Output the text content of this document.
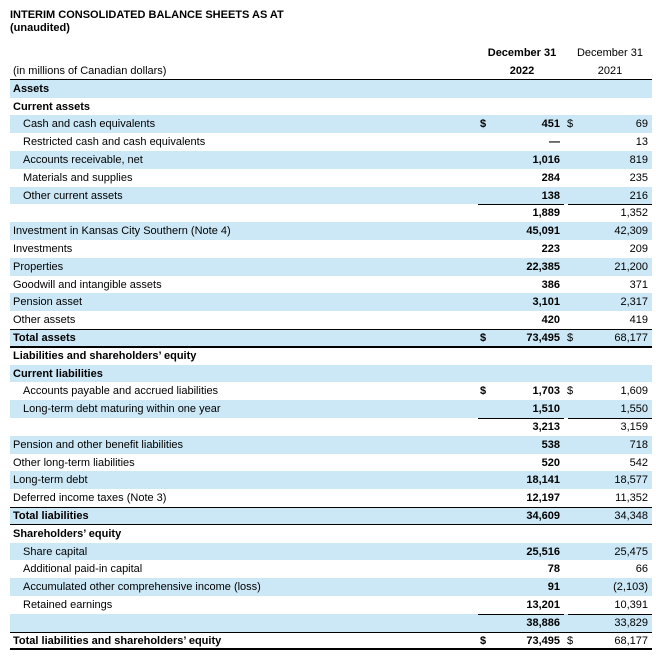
INTERIM CONSOLIDATED BALANCE SHEETS AS AT
(unaudited)
December 31
2022
December 31
2021
(in millions of Canadian dollars)
Assets
Current assets
Cash and cash equivalents	$	451 $	69
Restricted cash and cash equivalents	—	13
Accounts receivable, net	1,016	819
Materials and supplies	284	235
Other current assets	138	216
1,889	1,352
Investment in Kansas City Southern (Note 4)	45,091	42,309
Investments	223	209
Properties	22,385	21,200
Goodwill and intangible assets	386	371
Pension asset	3,101	2,317
Other assets	420	419
Total assets	$	73,495 $	68,177
Liabilities and shareholders’ equity
Current liabilities
Accounts payable and accrued liabilities	$	1,703 $	1,609
Long-term debt maturing within one year	1,510	1,550
3,213	3,159
Pension and other benefit liabilities	538	718
Other long-term liabilities	520	542
Long-term debt	18,141	18,577
Deferred income taxes (Note 3)	12,197	11,352
Total liabilities	34,609	34,348
Shareholders’ equity
Share capital	25,516	25,475
Additional paid-in capital	78	66
Accumulated other comprehensive income (loss)	91	(2,103)
Retained earnings	13,201	10,391
38,886	33,829
Total liabilities and shareholders’ equity	$	73,495 $	68,177
